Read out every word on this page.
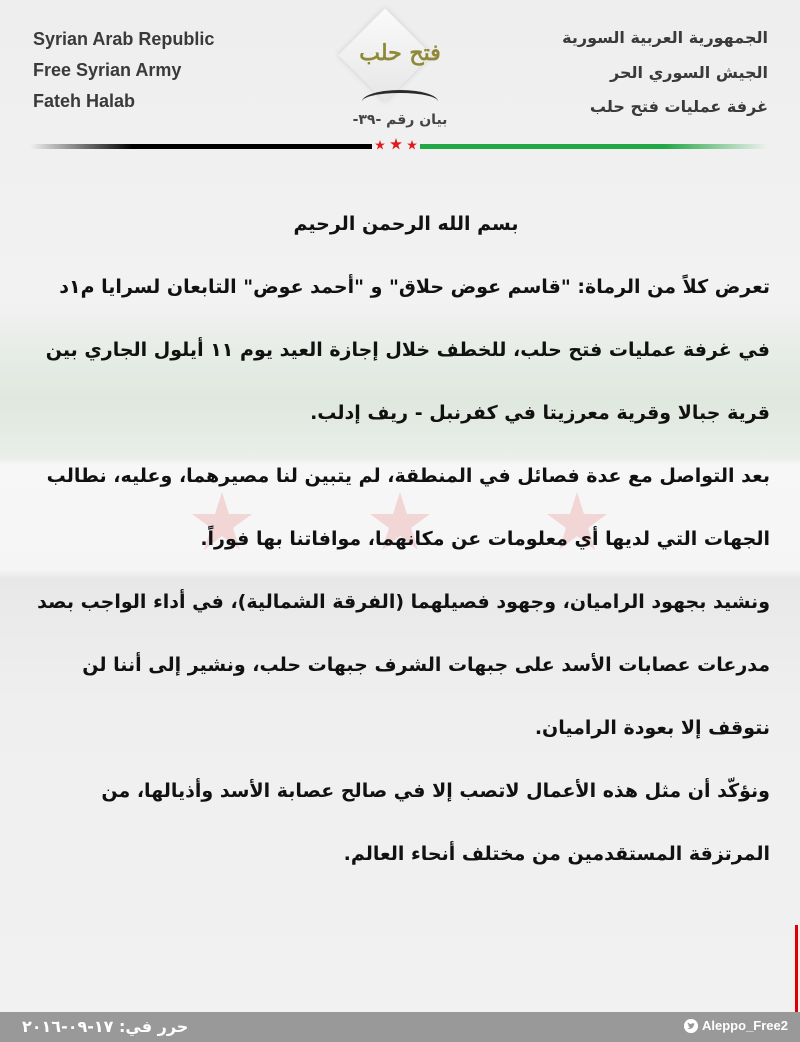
Syrian Arab Republic
Free Syrian Army
Fateh Halab
الجمهورية العربية السورية
الجيش السوري الحر
غرفة عمليات فتح حلب
فتح حلب
بيان رقم -٣٩-
بسم الله الرحمن الرحيم
تعرض كلاً من الرماة: "قاسم عوض حلاق" و "أحمد عوض" التابعان لسرايا م١د
في غرفة عمليات فتح حلب، للخطف خلال إجازة العيد يوم ١١ أيلول الجاري بين
قرية جبالا وقرية معرزيتا في كفرنبل - ريف إدلب.
بعد التواصل مع عدة فصائل في المنطقة، لم يتبين لنا مصيرهما، وعليه، نطالب
الجهات التي لديها أي معلومات عن مكانهما، موافاتنا بها فوراً.
ونشيد بجهود الراميان، وجهود فصيلهما (الفرقة الشمالية)، في أداء الواجب بصد
مدرعات عصابات الأسد على جبهات الشرف جبهات حلب، ونشير إلى أننا لن
نتوقف إلا بعودة الراميان.
ونؤكّد أن مثل هذه الأعمال لاتصب إلا في صالح عصابة الأسد وأذيالها، من
المرتزقة المستقدمين من مختلف أنحاء العالم.
حرر في: ١٧-٠٩-٢٠١٦	Aleppo_Free2
